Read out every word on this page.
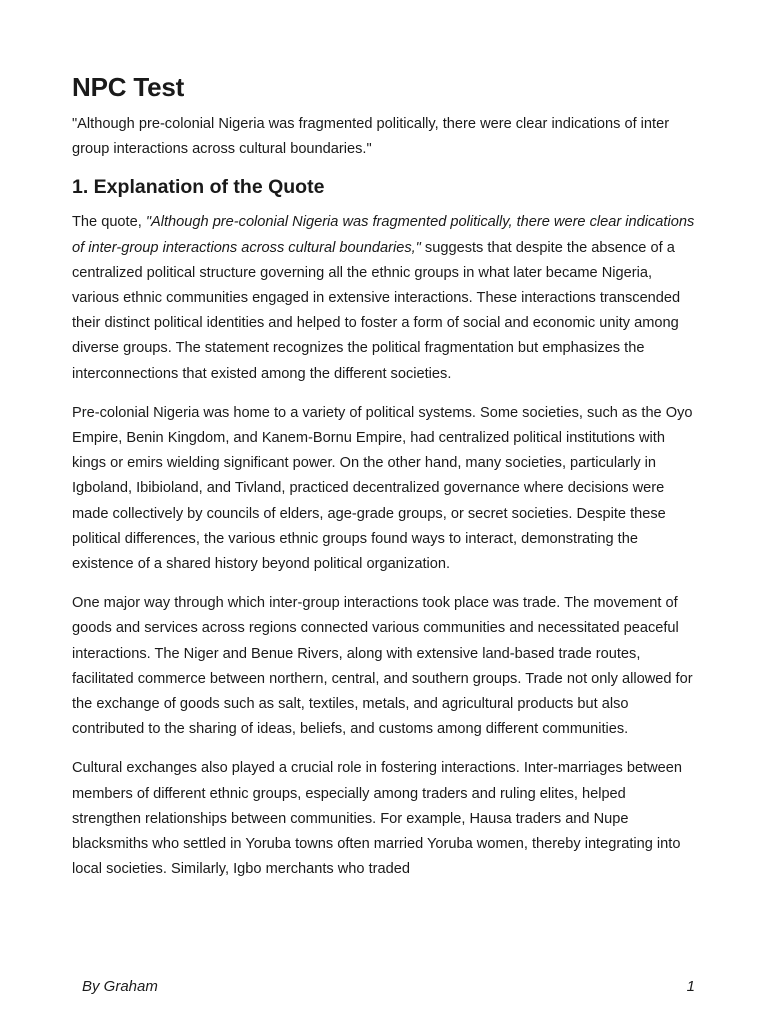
NPC Test

"Although pre-colonial Nigeria was fragmented politically, there were clear indications of inter group interactions across cultural boundaries."

1. Explanation of the Quote

The quote, "Although pre-colonial Nigeria was fragmented politically, there were clear indications of inter-group interactions across cultural boundaries," suggests that despite the absence of a centralized political structure governing all the ethnic groups in what later became Nigeria, various ethnic communities engaged in extensive interactions. These interactions transcended their distinct political identities and helped to foster a form of social and economic unity among diverse groups. The statement recognizes the political fragmentation but emphasizes the interconnections that existed among the different societies.

Pre-colonial Nigeria was home to a variety of political systems. Some societies, such as the Oyo Empire, Benin Kingdom, and Kanem-Bornu Empire, had centralized political institutions with kings or emirs wielding significant power. On the other hand, many societies, particularly in Igboland, Ibibioland, and Tivland, practiced decentralized governance where decisions were made collectively by councils of elders, age-grade groups, or secret societies. Despite these political differences, the various ethnic groups found ways to interact, demonstrating the existence of a shared history beyond political organization.

One major way through which inter-group interactions took place was trade. The movement of goods and services across regions connected various communities and necessitated peaceful interactions. The Niger and Benue Rivers, along with extensive land-based trade routes, facilitated commerce between northern, central, and southern groups. Trade not only allowed for the exchange of goods such as salt, textiles, metals, and agricultural products but also contributed to the sharing of ideas, beliefs, and customs among different communities.

Cultural exchanges also played a crucial role in fostering interactions. Inter-marriages between members of different ethnic groups, especially among traders and ruling elites, helped strengthen relationships between communities. For example, Hausa traders and Nupe blacksmiths who settled in Yoruba towns often married Yoruba women, thereby integrating into local societies. Similarly, Igbo merchants who traded

By Graham	1
